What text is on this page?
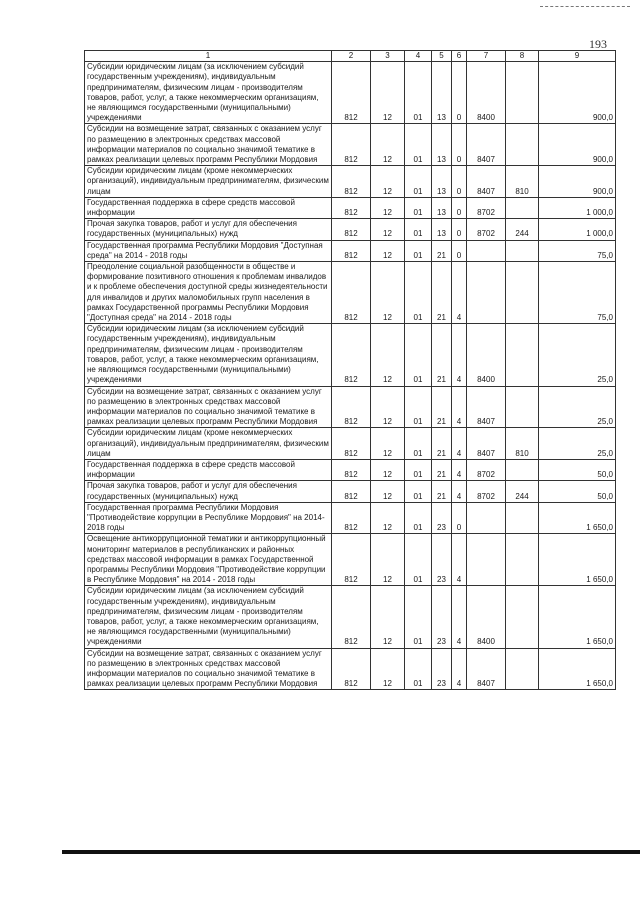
193
1	2	3	4	5	6	7	8	9
Субсидии юридическим лицам (за исключением субсидий государственным учреждениям), индивидуальным предпринимателям, физическим лицам - производителям товаров, работ, услуг, а также некоммерческим организациям, не являющимся государственными (муниципальными) учреждениями	812	12	01	13	0	8400		900,0
Субсидии на возмещение затрат, связанных с оказанием услуг по размещению в электронных средствах массовой информации материалов по социально значимой тематике в рамках реализации целевых программ Республики Мордовия	812	12	01	13	0	8407		900,0
Субсидии юридическим лицам (кроме некоммерческих организаций), индивидуальным предпринимателям, физическим лицам	812	12	01	13	0	8407	810	900,0
Государственная поддержка в сфере средств массовой информации	812	12	01	13	0	8702		1 000,0
Прочая закупка товаров, работ и услуг для обеспечения государственных (муниципальных) нужд	812	12	01	13	0	8702	244	1 000,0
Государственная программа Республики Мордовия "Доступная среда" на 2014 - 2018 годы	812	12	01	21	0			75,0
Преодоление социальной разобщенности в обществе и формирование позитивного отношения к проблемам инвалидов и к проблеме обеспечения доступной среды жизнедеятельности для инвалидов и других маломобильных групп населения в рамках Государственной программы Республики Мордовия "Доступная среда" на 2014 - 2018 годы	812	12	01	21	4			75,0
Субсидии юридическим лицам (за исключением субсидий государственным учреждениям), индивидуальным предпринимателям, физическим лицам - производителям товаров, работ, услуг, а также некоммерческим организациям, не являющимся государственными (муниципальными) учреждениями	812	12	01	21	4	8400		25,0
Субсидии на возмещение затрат, связанных с оказанием услуг по размещению в электронных средствах массовой информации материалов по социально значимой тематике в рамках реализации целевых программ Республики Мордовия	812	12	01	21	4	8407		25,0
Субсидии юридическим лицам (кроме некоммерческих организаций), индивидуальным предпринимателям, физическим лицам	812	12	01	21	4	8407	810	25,0
Государственная поддержка в сфере средств массовой информации	812	12	01	21	4	8702		50,0
Прочая закупка товаров, работ и услуг для обеспечения государственных (муниципальных) нужд	812	12	01	21	4	8702	244	50,0
Государственная программа Республики Мордовия "Противодействие коррупции в Республике Мордовия" на 2014-2018 годы	812	12	01	23	0			1 650,0
Освещение антикоррупционной тематики и антикоррупционный мониторинг материалов в республиканских и районных средствах массовой информации в рамках Государственной программы Республики Мордовия "Противодействие коррупции в Республике Мордовия" на 2014 - 2018 годы	812	12	01	23	4			1 650,0
Субсидии юридическим лицам (за исключением субсидий государственным учреждениям), индивидуальным предпринимателям, физическим лицам - производителям товаров, работ, услуг, а также некоммерческим организациям, не являющимся государственными (муниципальными) учреждениями	812	12	01	23	4	8400		1 650,0
Субсидии на возмещение затрат, связанных с оказанием услуг по размещению в электронных средствах массовой информации материалов по социально значимой тематике в рамках реализации целевых программ Республики Мордовия	812	12	01	23	4	8407		1 650,0
